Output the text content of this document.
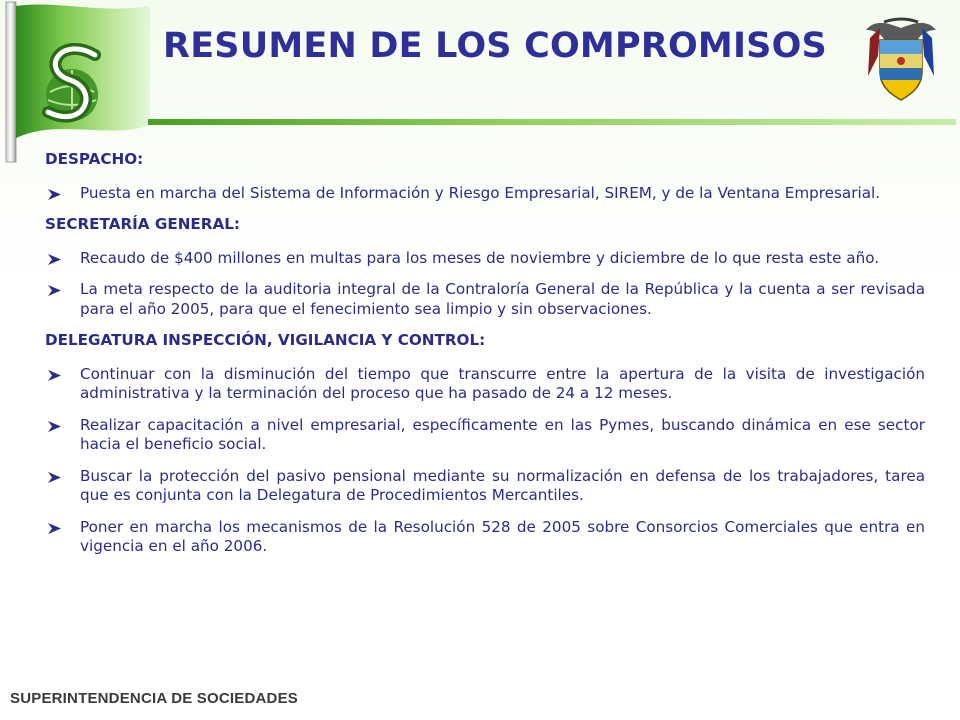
RESUMEN DE LOS COMPROMISOS
DESPACHO:
Puesta en marcha del Sistema de Información y Riesgo Empresarial, SIREM, y de la Ventana Empresarial.
SECRETARÍA GENERAL:
Recaudo de $400 millones en multas para los meses de noviembre y diciembre de lo que resta este año.
La meta respecto de la auditoria integral de la Contraloría General de la República y la cuenta a ser revisada para el año 2005, para que el fenecimiento sea limpio y sin observaciones.
DELEGATURA INSPECCIÓN, VIGILANCIA Y CONTROL:
Continuar con la disminución del tiempo que transcurre entre la apertura de la visita de investigación administrativa y la terminación del proceso que ha pasado de 24 a 12 meses.
Realizar capacitación a nivel empresarial, específicamente en las Pymes, buscando dinámica en ese sector hacia el beneficio social.
Buscar la protección del pasivo pensional mediante su normalización en defensa de los trabajadores, tarea que es conjunta con la Delegatura de Procedimientos Mercantiles.
Poner en marcha los mecanismos de la Resolución 528 de 2005 sobre Consorcios Comerciales que entra en vigencia en el año 2006.
SUPERINTENDENCIA DE SOCIEDADES
